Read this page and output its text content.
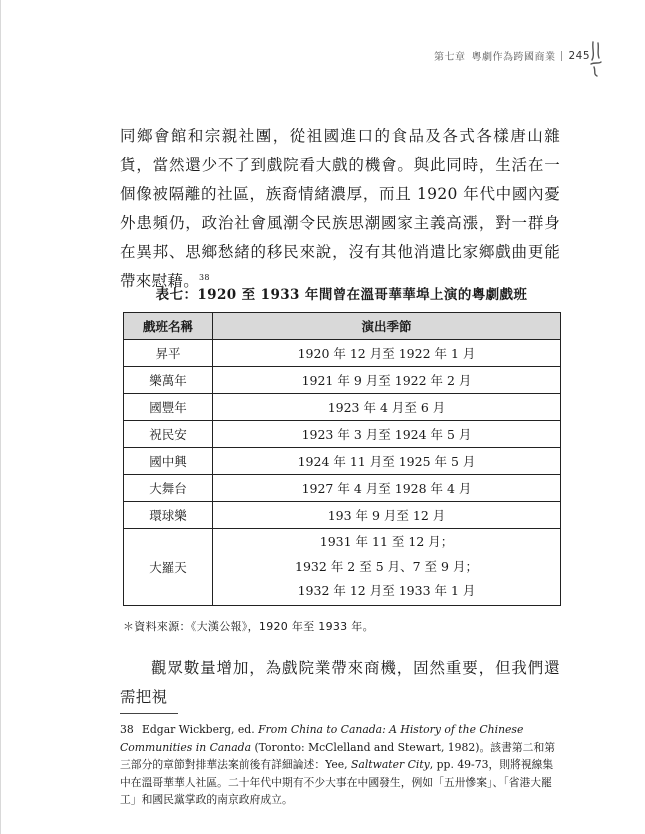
第七章 粵劇作為跨國商業 245
同鄉會館和宗親社團，從祖國進口的食品及各式各樣唐山雜貨，當然還少不了到戲院看大戲的機會。與此同時，生活在一個像被隔離的社區，族裔情緒濃厚，而且 1920 年代中國內憂外患頻仍，政治社會風潮令民族思潮國家主義高漲，對一群身在異邦、思鄉愁緒的移民來說，沒有其他消遣比家鄉戲曲更能帶來慰藉。$^{38}$
表七：1920 至 1933 年間曾在溫哥華華埠上演的粵劇戲班
戲班名稱	演出季節
昇平	1920 年 12 月至 1922 年 1 月
樂萬年	1921 年 9 月至 1922 年 2 月
國豐年	1923 年 4 月至 6 月
祝民安	1923 年 3 月至 1924 年 5 月
國中興	1924 年 11 月至 1925 年 5 月
大舞台	1927 年 4 月至 1928 年 4 月
環球樂	193 年 9 月至 12 月
大羅天	1931 年 11 至 12 月；
1932 年 2 至 5 月、7 至 9 月；
1932 年 12 月至 1933 年 1 月
＊資料來源：《大漢公報》，1920 年至 1933 年。
觀眾數量增加，為戲院業帶來商機，固然重要，但我們還需把視
38 Edgar Wickberg, ed. From China to Canada: A History of the Chinese Communities in Canada (Toronto: McClelland and Stewart, 1982)。該書第二和第三部分的章節對排華法案前後有詳細論述：Yee, Saltwater City, pp. 49-73，則將視線集中在溫哥華華人社區。二十年代中期有不少大事在中國發生，例如「五卅慘案」、「省港大罷工」和國民黨掌政的南京政府成立。
